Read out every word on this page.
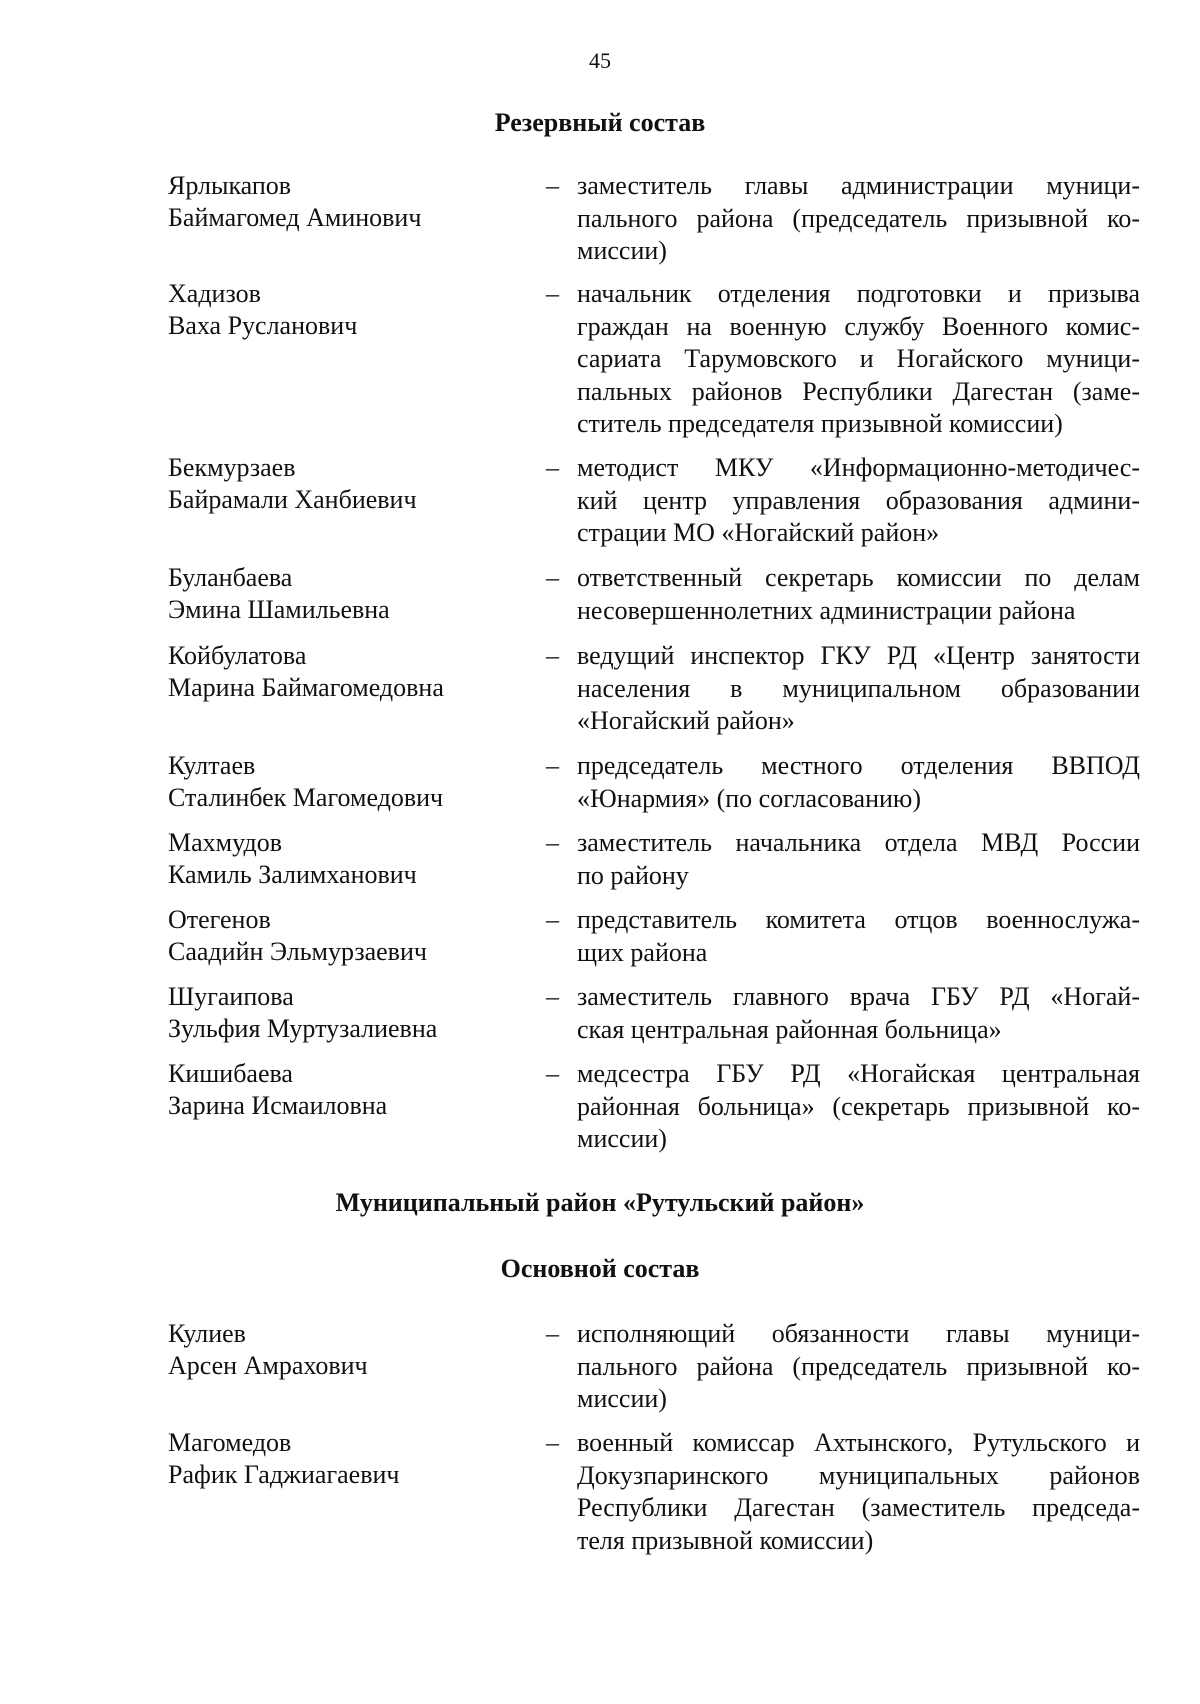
45
Резервный состав
Ярлыкапов
Баймагомед Аминович
– заместитель главы администрации муници-
пального района (председатель призывной ко-
миссии)
Хадизов
Ваха Русланович
– начальник отделения подготовки и призыва
граждан на военную службу Военного комис-
сариата Тарумовского и Ногайского муници-
пальных районов Республики Дагестан (заме-
ститель председателя призывной комиссии)
Бекмурзаев
Байрамали Ханбиевич
– методист МКУ «Информационно-методичес-
кий центр управления образования админи-
страции МО «Ногайский район»
Буланбаева
Эмина Шамильевна
– ответственный секретарь комиссии по делам
несовершеннолетних администрации района
Койбулатова
Марина Баймагомедовна
– ведущий инспектор ГКУ РД «Центр занятости
населения в муниципальном образовании
«Ногайский район»
Култаев
Сталинбек Магомедович
– председатель местного отделения ВВПОД
«Юнармия» (по согласованию)
Махмудов
Камиль Залимханович
– заместитель начальника отдела МВД России
по району
Отегенов
Саадийн Эльмурзаевич
– представитель комитета отцов военнослужа-
щих района
Шугаипова
Зульфия Муртузалиевна
– заместитель главного врача ГБУ РД «Ногай-
ская центральная районная больница»
Кишибаева
Зарина Исмаиловна
– медсестра ГБУ РД «Ногайская центральная
районная больница» (секретарь призывной ко-
миссии)
Муниципальный район «Рутульский район»
Основной состав
Кулиев
Арсен Амрахович
– исполняющий обязанности главы муници-
пального района (председатель призывной ко-
миссии)
Магомедов
Рафик Гаджиагаевич
– военный комиссар Ахтынского, Рутульского и
Докузпаринского муниципальных районов
Республики Дагестан (заместитель председа-
теля призывной комиссии)
